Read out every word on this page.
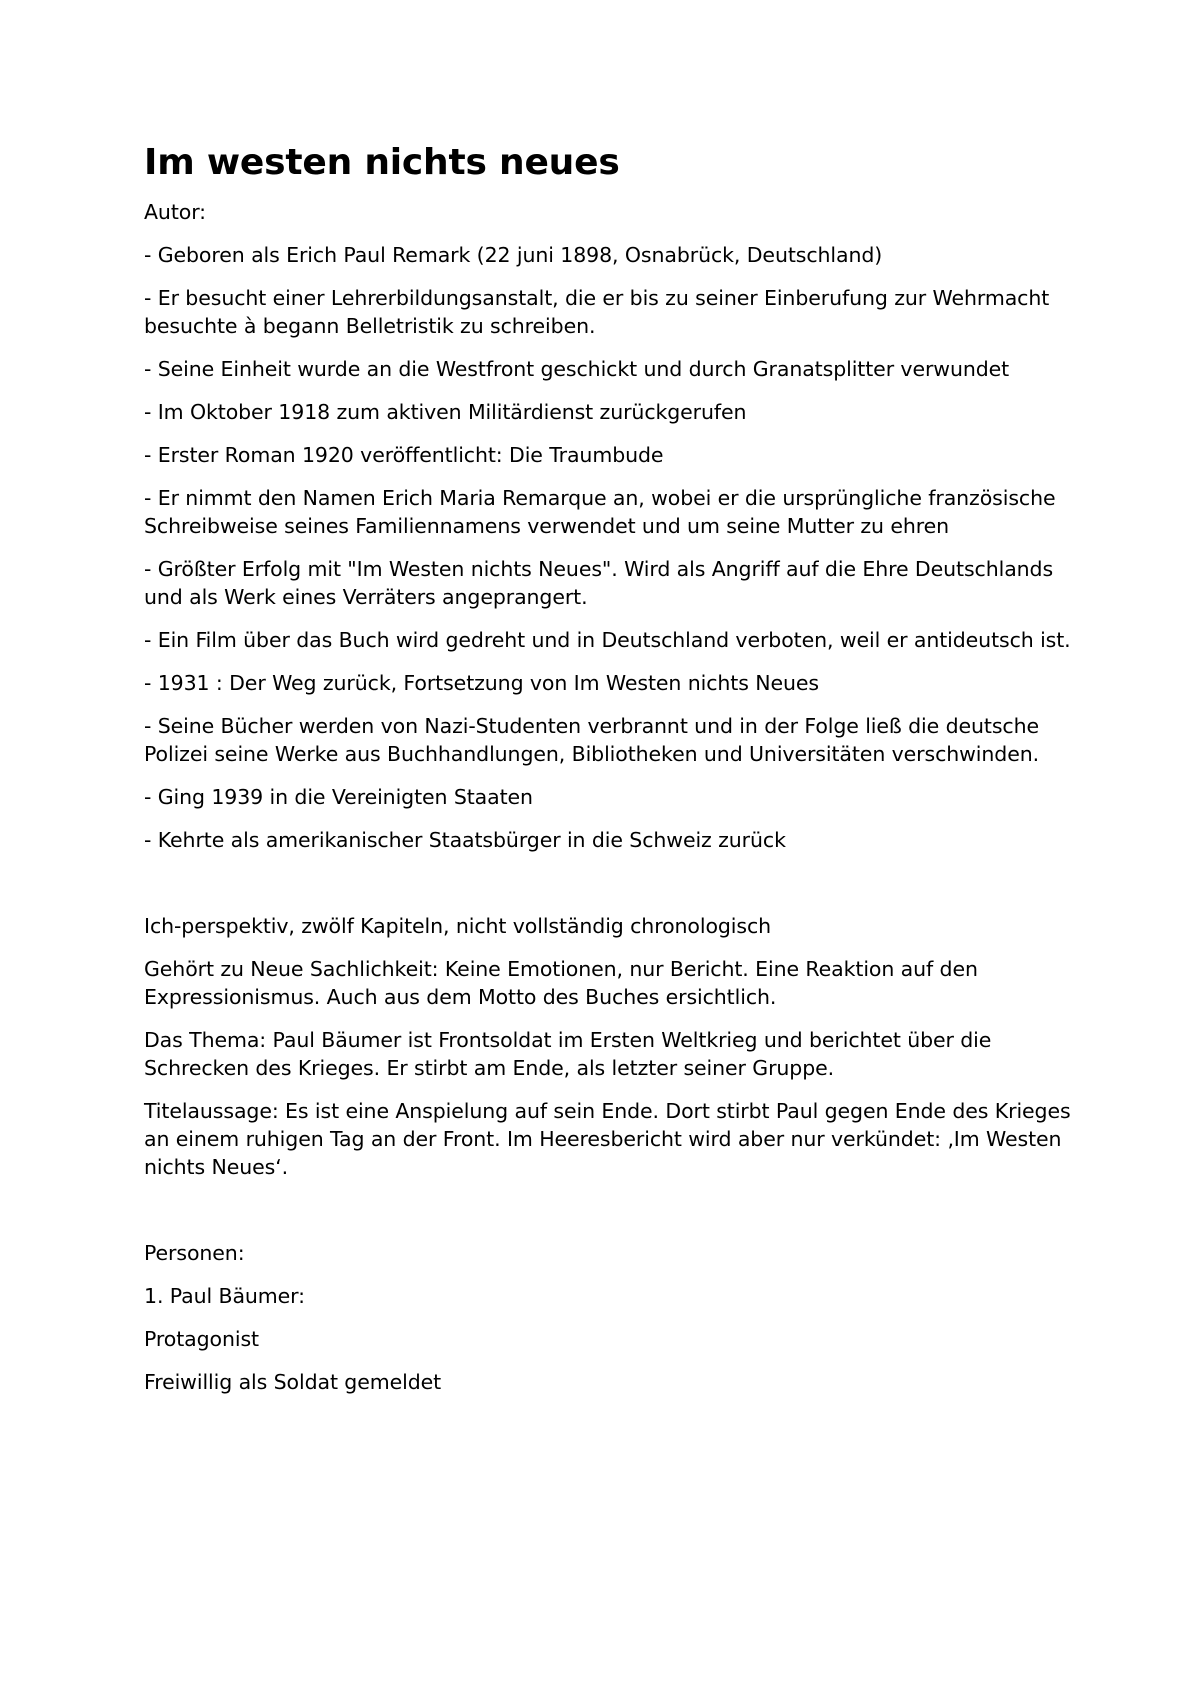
Im westen nichts neues

Autor:

- Geboren als Erich Paul Remark (22 juni 1898, Osnabrück, Deutschland)

- Er besucht einer Lehrerbildungsanstalt, die er bis zu seiner Einberufung zur Wehrmacht besuchte à begann Belletristik zu schreiben.

- Seine Einheit wurde an die Westfront geschickt und durch Granatsplitter verwundet

- Im Oktober 1918 zum aktiven Militärdienst zurückgerufen

- Erster Roman 1920 veröffentlicht: Die Traumbude

- Er nimmt den Namen Erich Maria Remarque an, wobei er die ursprüngliche französische Schreibweise seines Familiennamens verwendet und um seine Mutter zu ehren

- Größter Erfolg mit "Im Westen nichts Neues". Wird als Angriff auf die Ehre Deutschlands und als Werk eines Verräters angeprangert.

- Ein Film über das Buch wird gedreht und in Deutschland verboten, weil er antideutsch ist.

- 1931 : Der Weg zurück, Fortsetzung von Im Westen nichts Neues

- Seine Bücher werden von Nazi-Studenten verbrannt und in der Folge ließ die deutsche Polizei seine Werke aus Buchhandlungen, Bibliotheken und Universitäten verschwinden.

- Ging 1939 in die Vereinigten Staaten

- Kehrte als amerikanischer Staatsbürger in die Schweiz zurück

Ich-perspektiv, zwölf Kapiteln, nicht vollständig chronologisch

Gehört zu Neue Sachlichkeit: Keine Emotionen, nur Bericht. Eine Reaktion auf den Expressionismus. Auch aus dem Motto des Buches ersichtlich.

Das Thema: Paul Bäumer ist Frontsoldat im Ersten Weltkrieg und berichtet über die Schrecken des Krieges. Er stirbt am Ende, als letzter seiner Gruppe.

Titelaussage: Es ist eine Anspielung auf sein Ende. Dort stirbt Paul gegen Ende des Krieges an einem ruhigen Tag an der Front. Im Heeresbericht wird aber nur verkündet: ‚Im Westen nichts Neues‘.

Personen:

1. Paul Bäumer:

Protagonist

Freiwillig als Soldat gemeldet
